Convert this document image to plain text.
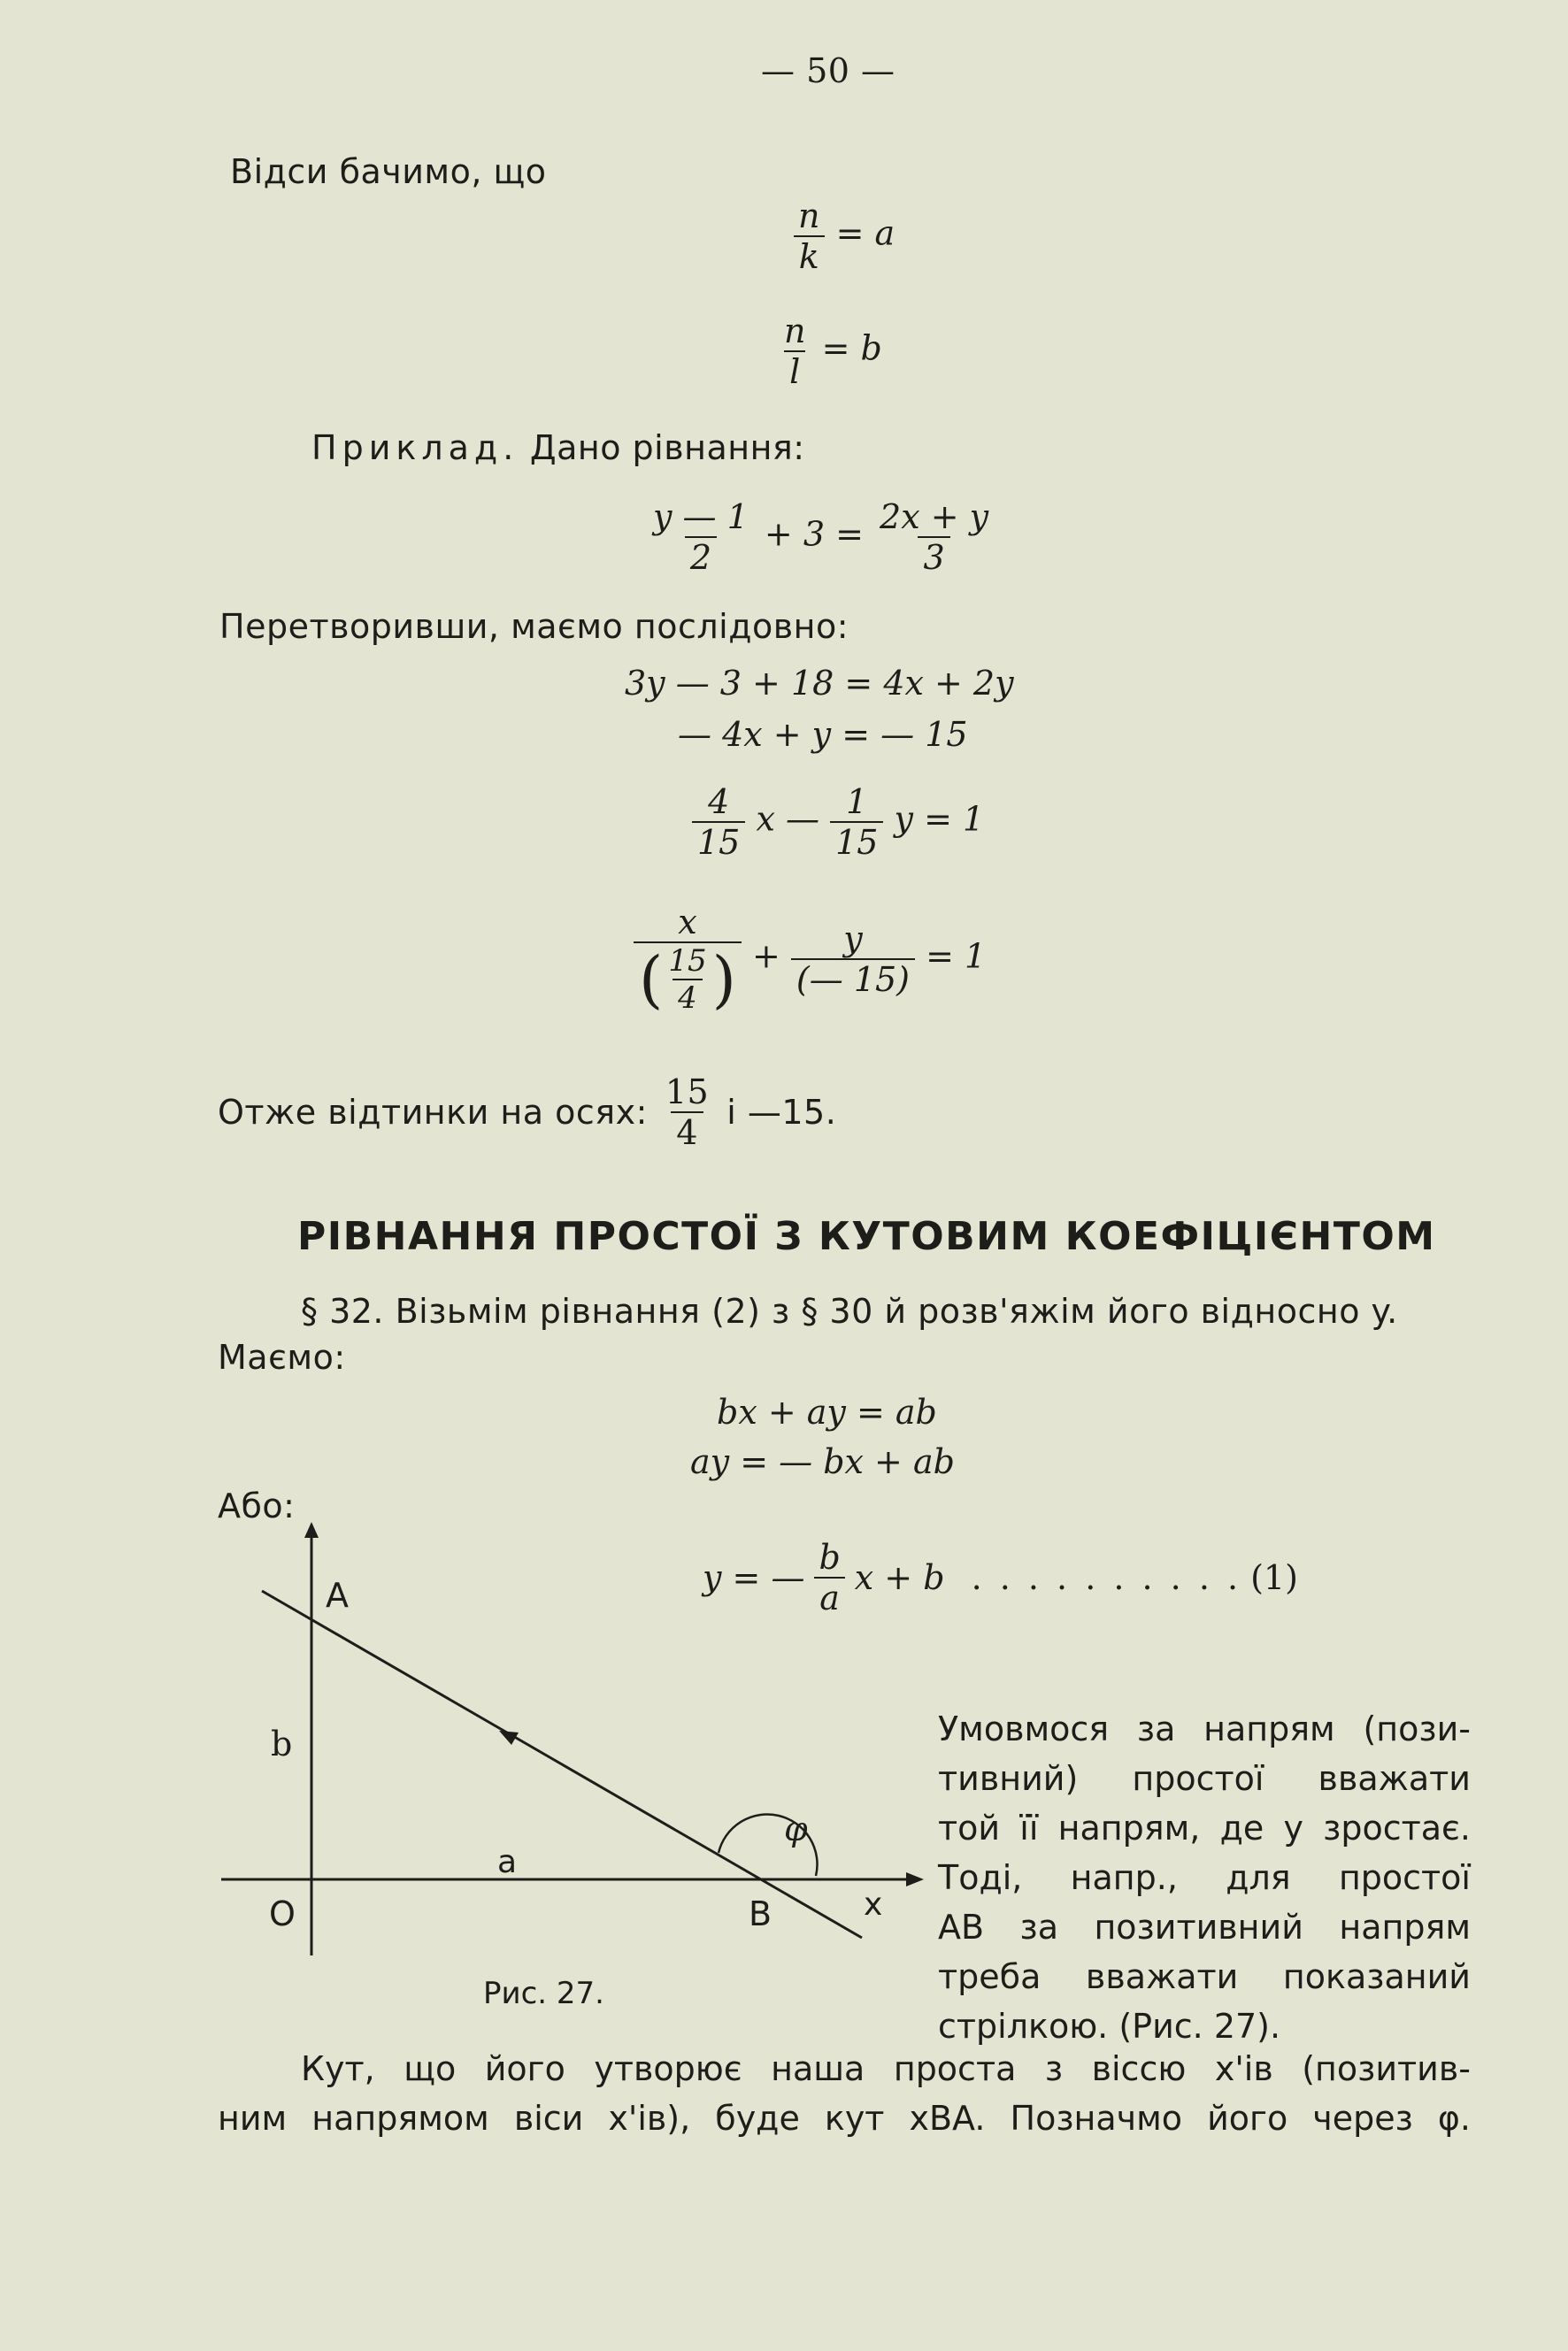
— 50 —
Відси бачимо, що
$\frac{n}{k} = a$
$\frac{n}{l} = b$
Приклад. Дано рівнання:
$\frac{y — 1}{2} + 3 = \frac{2x + y}{3}$
Перетворивши, маємо послідовно:
3y — 3 + 18 = 4x + 2y
— 4x + y = — 15
$\frac{4}{15}$ x — $\frac{1}{15}$ y = 1
$\frac{x}{( \frac{15}{4} )} + \frac{y}{(— 15)} = 1$
Отже відтинки на осях: $\frac{15}{4}$ і —15.
РІВНАННЯ ПРОСТОЇ З КУТОВИМ КОЕФІЦІЄНТОМ
§ 32. Візьмім рівнання (2) з § 30 й розв'яжім його відносно y.
Маємо:
bx + ay = ab
ay = — bx + ab
Або:
y = — $\frac{b}{a}$ x + b . . . . . . . . . . (1)
A
O	B	x
a
b
φ
Рис. 27.
Умовмося за напрям (пози-
тивний) простої вважати
той її напрям, де y зростає.
Тоді, напр., для простої
AB за позитивний напрям
треба вважати показаний
стрілкою. (Рис. 27).
Кут, що його утворює наша проста з віссю x'ів (позитив-
ним напрямом віси x'ів), буде кут xBA. Позначмо його через φ.
